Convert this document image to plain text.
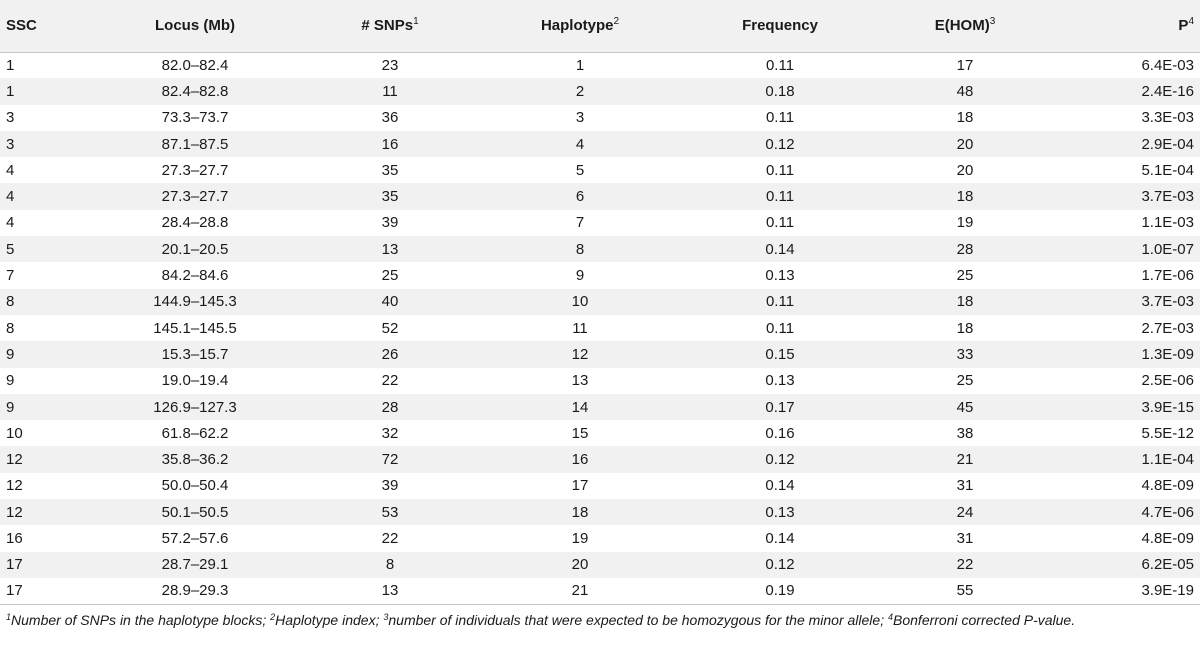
SSC	Locus (Mb)	# SNPs$^1$	Haplotype$^2$	Frequency	E(HOM)$^3$	$P^4$
1	82.0–82.4	23	1	0.11	17	6.4E-03
1	82.4–82.8	11	2	0.18	48	2.4E-16
3	73.3–73.7	36	3	0.11	18	3.3E-03
3	87.1–87.5	16	4	0.12	20	2.9E-04
4	27.3–27.7	35	5	0.11	20	5.1E-04
4	27.3–27.7	35	6	0.11	18	3.7E-03
4	28.4–28.8	39	7	0.11	19	1.1E-03
5	20.1–20.5	13	8	0.14	28	1.0E-07
7	84.2–84.6	25	9	0.13	25	1.7E-06
8	144.9–145.3	40	10	0.11	18	3.7E-03
8	145.1–145.5	52	11	0.11	18	2.7E-03
9	15.3–15.7	26	12	0.15	33	1.3E-09
9	19.0–19.4	22	13	0.13	25	2.5E-06
9	126.9–127.3	28	14	0.17	45	3.9E-15
10	61.8–62.2	32	15	0.16	38	5.5E-12
12	35.8–36.2	72	16	0.12	21	1.1E-04
12	50.0–50.4	39	17	0.14	31	4.8E-09
12	50.1–50.5	53	18	0.13	24	4.7E-06
16	57.2–57.6	22	19	0.14	31	4.8E-09
17	28.7–29.1	8	20	0.12	22	6.2E-05
17	28.9–29.3	13	21	0.19	55	3.9E-19
$^1$Number of SNPs in the haplotype blocks; $^2$Haplotype index; $^3$number of individuals that were expected to be homozygous for the minor allele; $^4$Bonferroni corrected P-value.
